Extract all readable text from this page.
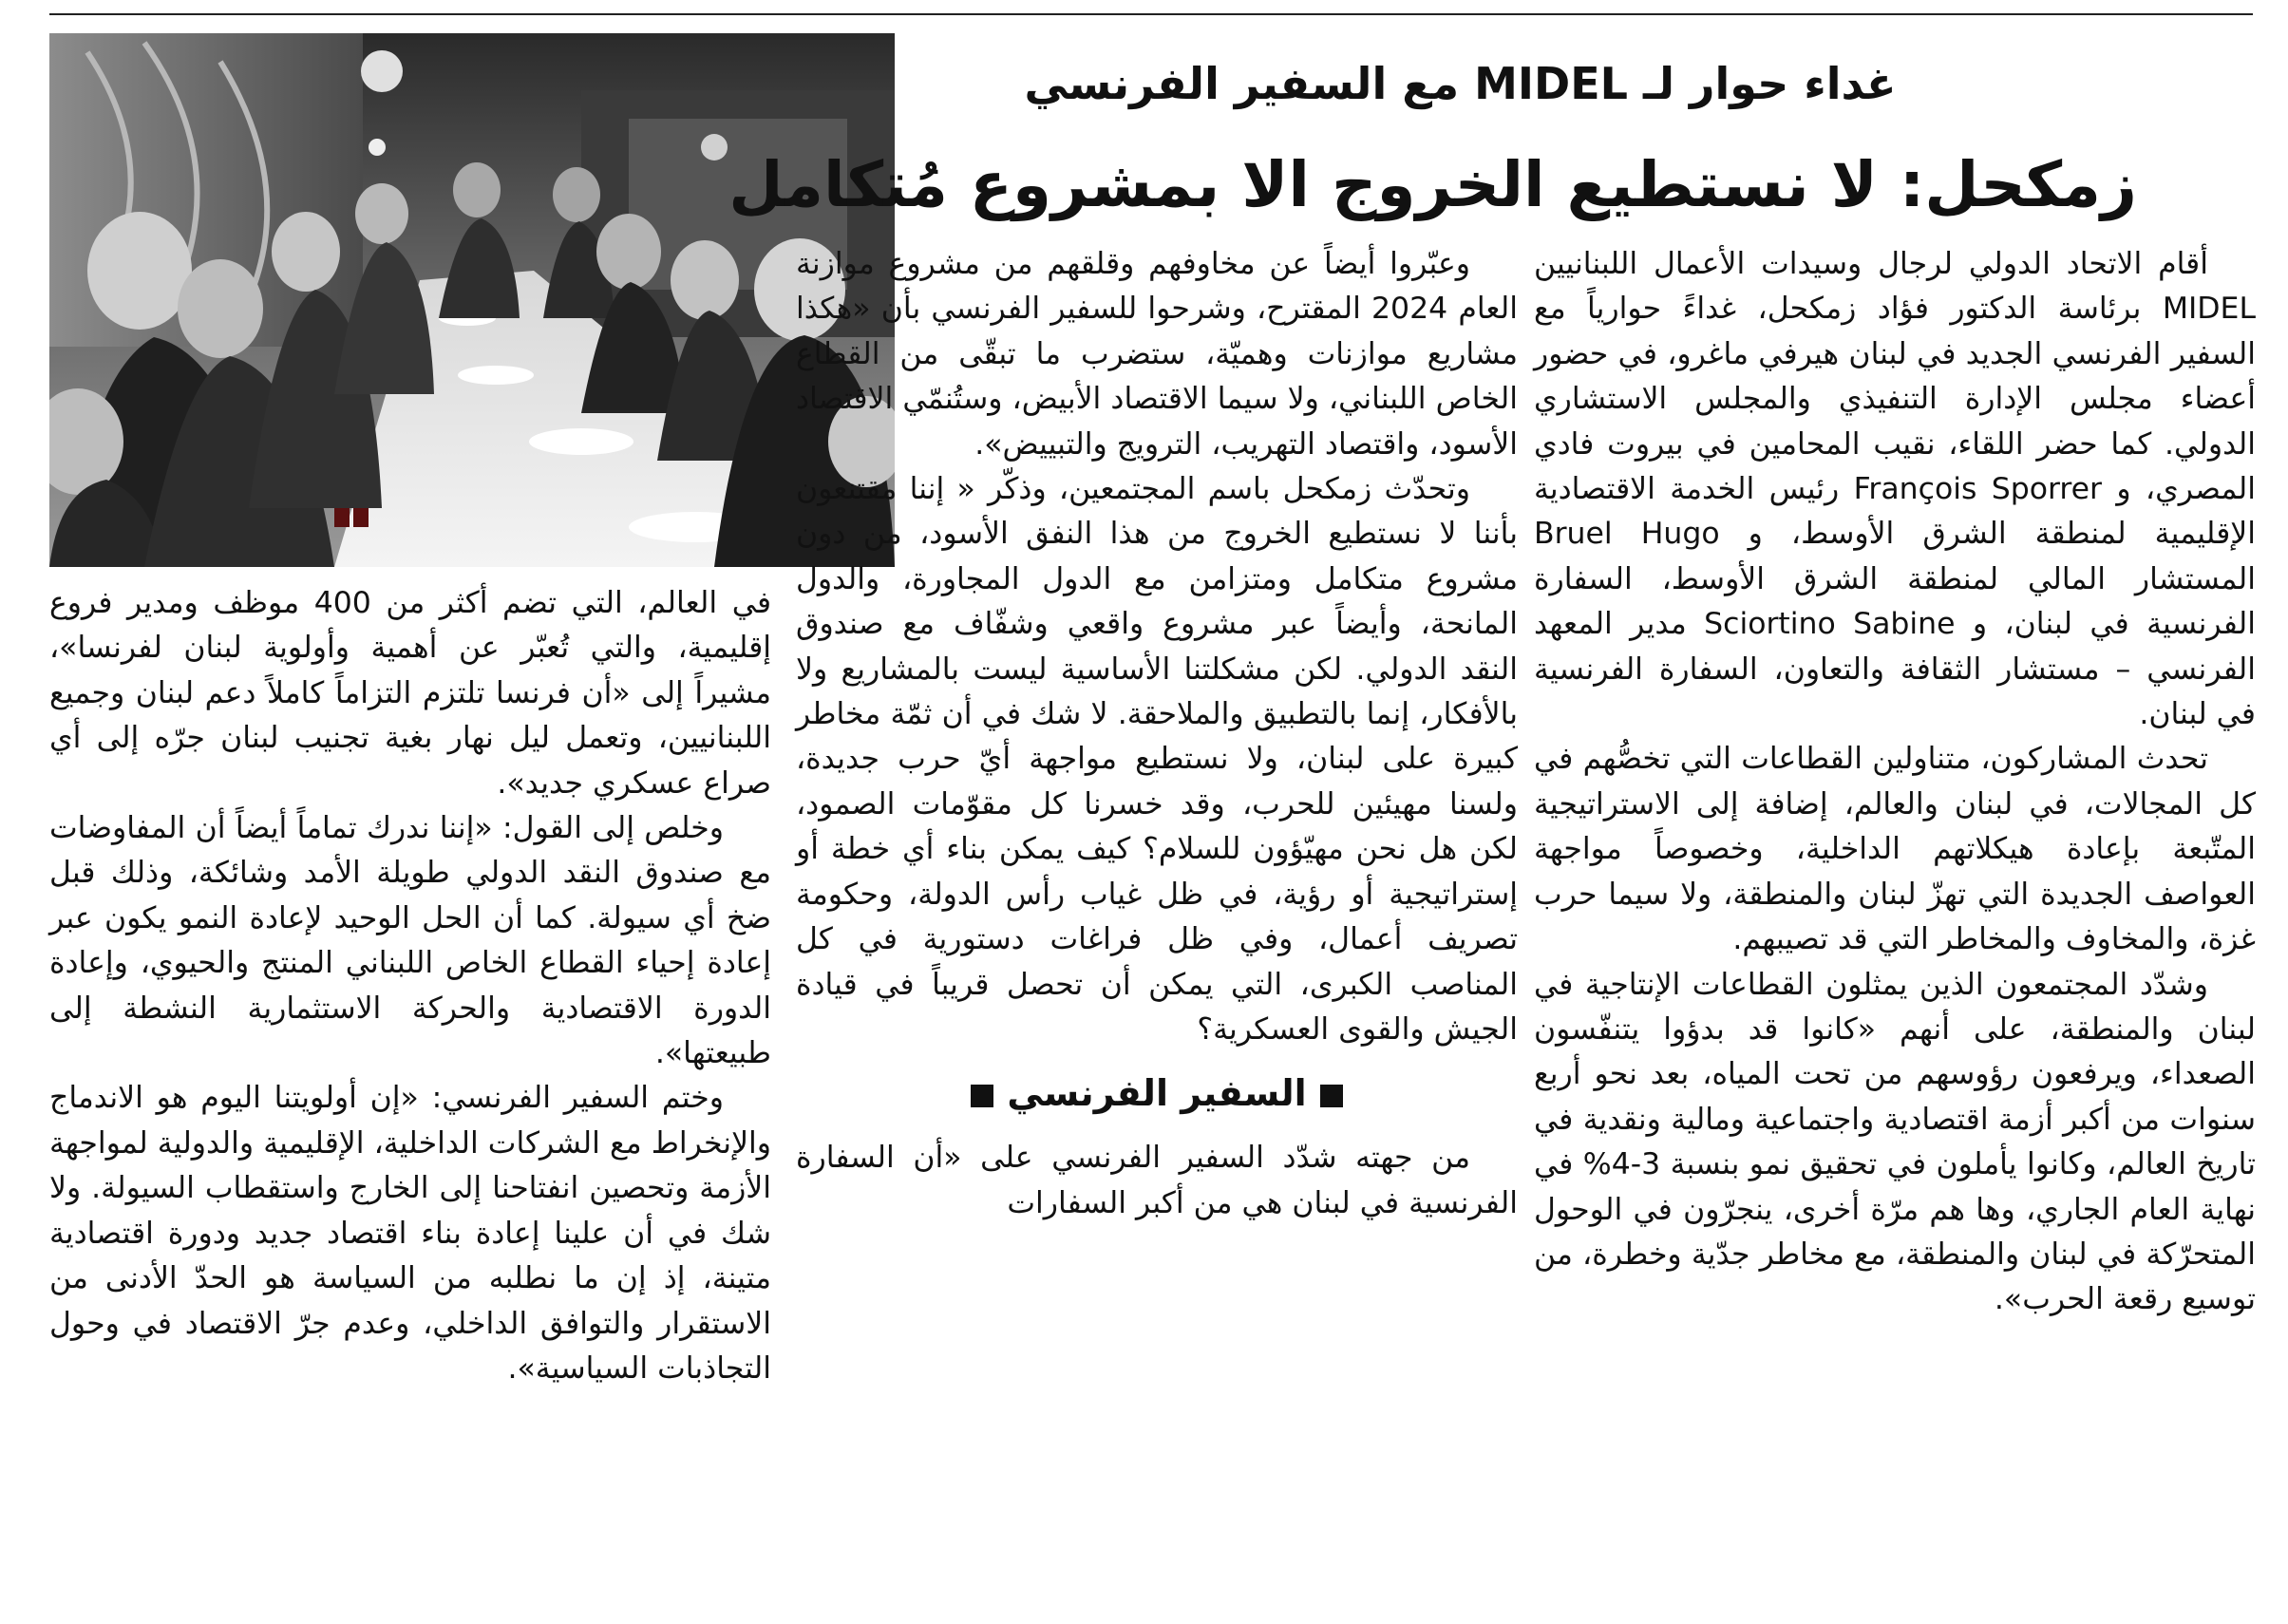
غداء حوار لـ MIDEL مع السفير الفرنسي
زمكحل: لا نستطيع الخروج الا بمشروع مُتكامل

أقام الاتحاد الدولي لرجال وسيدات الأعمال اللبنانيين MIDEL برئاسة الدكتور فؤاد زمكحل، غداءً حوارياً مع السفير الفرنسي الجديد في لبنان هيرفي ماغرو، في حضور أعضاء مجلس الإدارة التنفيذي والمجلس الاستشاري الدولي. كما حضر اللقاء، نقيب المحامين في بيروت فادي المصري، و François Sporrer رئيس الخدمة الاقتصادية الإقليمية لمنطقة الشرق الأوسط، و Bruel Hugo المستشار المالي لمنطقة الشرق الأوسط، السفارة الفرنسية في لبنان، و Sciortino Sabine مدير المعهد الفرنسي – مستشار الثقافة والتعاون، السفارة الفرنسية في لبنان.

تحدث المشاركون، متناولين القطاعات التي تخصُّهم في كل المجالات، في لبنان والعالم، إضافة إلى الاستراتيجية المتّبعة بإعادة هيكلاتهم الداخلية، وخصوصاً مواجهة العواصف الجديدة التي تهزّ لبنان والمنطقة، ولا سيما حرب غزة، والمخاوف والمخاطر التي قد تصيبهم.

وشدّد المجتمعون الذين يمثلون القطاعات الإنتاجية في لبنان والمنطقة، على أنهم «كانوا قد بدؤوا يتنفّسون الصعداء، ويرفعون رؤوسهم من تحت المياه، بعد نحو أربع سنوات من أكبر أزمة اقتصادية واجتماعية ومالية ونقدية في تاريخ العالم، وكانوا يأملون في تحقيق نمو بنسبة 3-4% في نهاية العام الجاري، وها هم مرّة أخرى، ينجرّون في الوحول المتحرّكة في لبنان والمنطقة، مع مخاطر جدّية وخطرة، من توسيع رقعة الحرب».

وعبّروا أيضاً عن مخاوفهم وقلقهم من مشروع موازنة العام 2024 المقترح، وشرحوا للسفير الفرنسي بأن «هكذا مشاريع موازنات وهميّة، ستضرب ما تبقّى من القطاع الخاص اللبناني، ولا سيما الاقتصاد الأبيض، وستُنمّي الاقتصاد الأسود، واقتصاد التهريب، الترويج والتبييض».

وتحدّث زمكحل باسم المجتمعين، وذكّر « إننا مقتنعون بأننا لا نستطيع الخروج من هذا النفق الأسود، من دون مشروع متكامل ومتزامن مع الدول المجاورة، والدول المانحة، وأيضاً عبر مشروع واقعي وشفّاف مع صندوق النقد الدولي. لكن مشكلتنا الأساسية ليست بالمشاريع ولا بالأفكار، إنما بالتطبيق والملاحقة. لا شك في أن ثمّة مخاطر كبيرة على لبنان، ولا نستطيع مواجهة أيّ حرب جديدة، ولسنا مهيئين للحرب، وقد خسرنا كل مقوّمات الصمود، لكن هل نحن مهيّؤون للسلام؟ كيف يمكن بناء أي خطة أو إستراتيجية أو رؤية، في ظل غياب رأس الدولة، وحكومة تصريف أعمال، وفي ظل فراغات دستورية في كل المناصب الكبرى، التي يمكن أن تحصل قريباً في قيادة الجيش والقوى العسكرية؟

السفير الفرنسي

من جهته شدّد السفير الفرنسي على «أن السفارة الفرنسية في لبنان هي من أكبر السفارات

في العالم، التي تضم أكثر من 400 موظف ومدير فروع إقليمية، والتي تُعبّر عن أهمية وأولوية لبنان لفرنسا»، مشيراً إلى «أن فرنسا تلتزم التزاماً كاملاً دعم لبنان وجميع اللبنانيين، وتعمل ليل نهار بغية تجنيب لبنان جرّه إلى أي صراع عسكري جديد».

وخلص إلى القول: «إننا ندرك تماماً أيضاً أن المفاوضات مع صندوق النقد الدولي طويلة الأمد وشائكة، وذلك قبل ضخ أي سيولة. كما أن الحل الوحيد لإعادة النمو يكون عبر إعادة إحياء القطاع الخاص اللبناني المنتج والحيوي، وإعادة الدورة الاقتصادية والحركة الاستثمارية النشطة إلى طبيعتها».

وختم السفير الفرنسي: «إن أولويتنا اليوم هو الاندماج والإنخراط مع الشركات الداخلية، الإقليمية والدولية لمواجهة الأزمة وتحصين انفتاحنا إلى الخارج واستقطاب السيولة. ولا شك في أن علينا إعادة بناء اقتصاد جديد ودورة اقتصادية متينة، إذ إن ما نطلبه من السياسة هو الحدّ الأدنى من الاستقرار والتوافق الداخلي، وعدم جرّ الاقتصاد في وحول التجاذبات السياسية».
